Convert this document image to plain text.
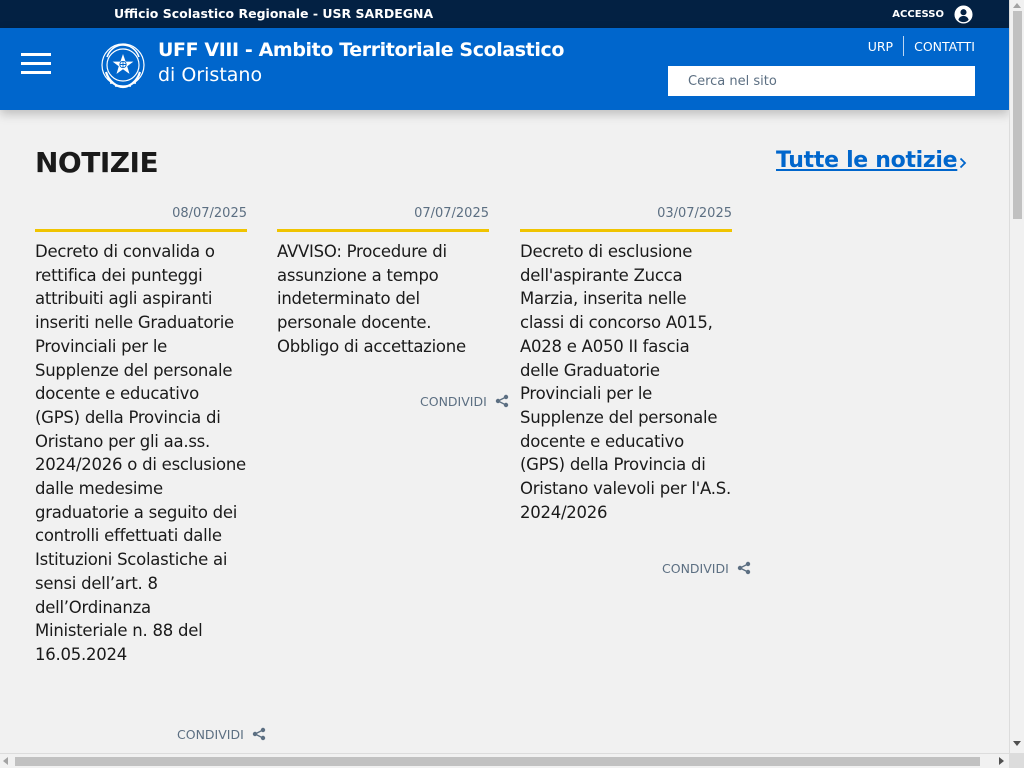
Ufficio Scolastico Regionale - USR SARDEGNA	ACCESSO
UFF VIII - Ambito Territoriale Scolastico
di Oristano
URP CONTATTI
Cerca nel sito
NOTIZIE	Tutte le notizie
08/07/2025
Decreto di convalida o rettifica dei punteggi attribuiti agli aspiranti inseriti nelle Graduatorie Provinciali per le Supplenze del personale docente e educativo (GPS) della Provincia di Oristano per gli aa.ss. 2024/2026 o di esclusione dalle medesime graduatorie a seguito dei controlli effettuati dalle Istituzioni Scolastiche ai sensi dell’art. 8 dell’Ordinanza Ministeriale n. 88 del 16.05.2024
CONDIVIDI
07/07/2025
AVVISO: Procedure di assunzione a tempo indeterminato del personale docente. Obbligo di accettazione
CONDIVIDI
03/07/2025
Decreto di esclusione dell'aspirante Zucca Marzia, inserita nelle classi di concorso A015, A028 e A050 II fascia delle Graduatorie Provinciali per le Supplenze del personale docente e educativo (GPS) della Provincia di Oristano valevoli per l'A.S. 2024/2026
CONDIVIDI
